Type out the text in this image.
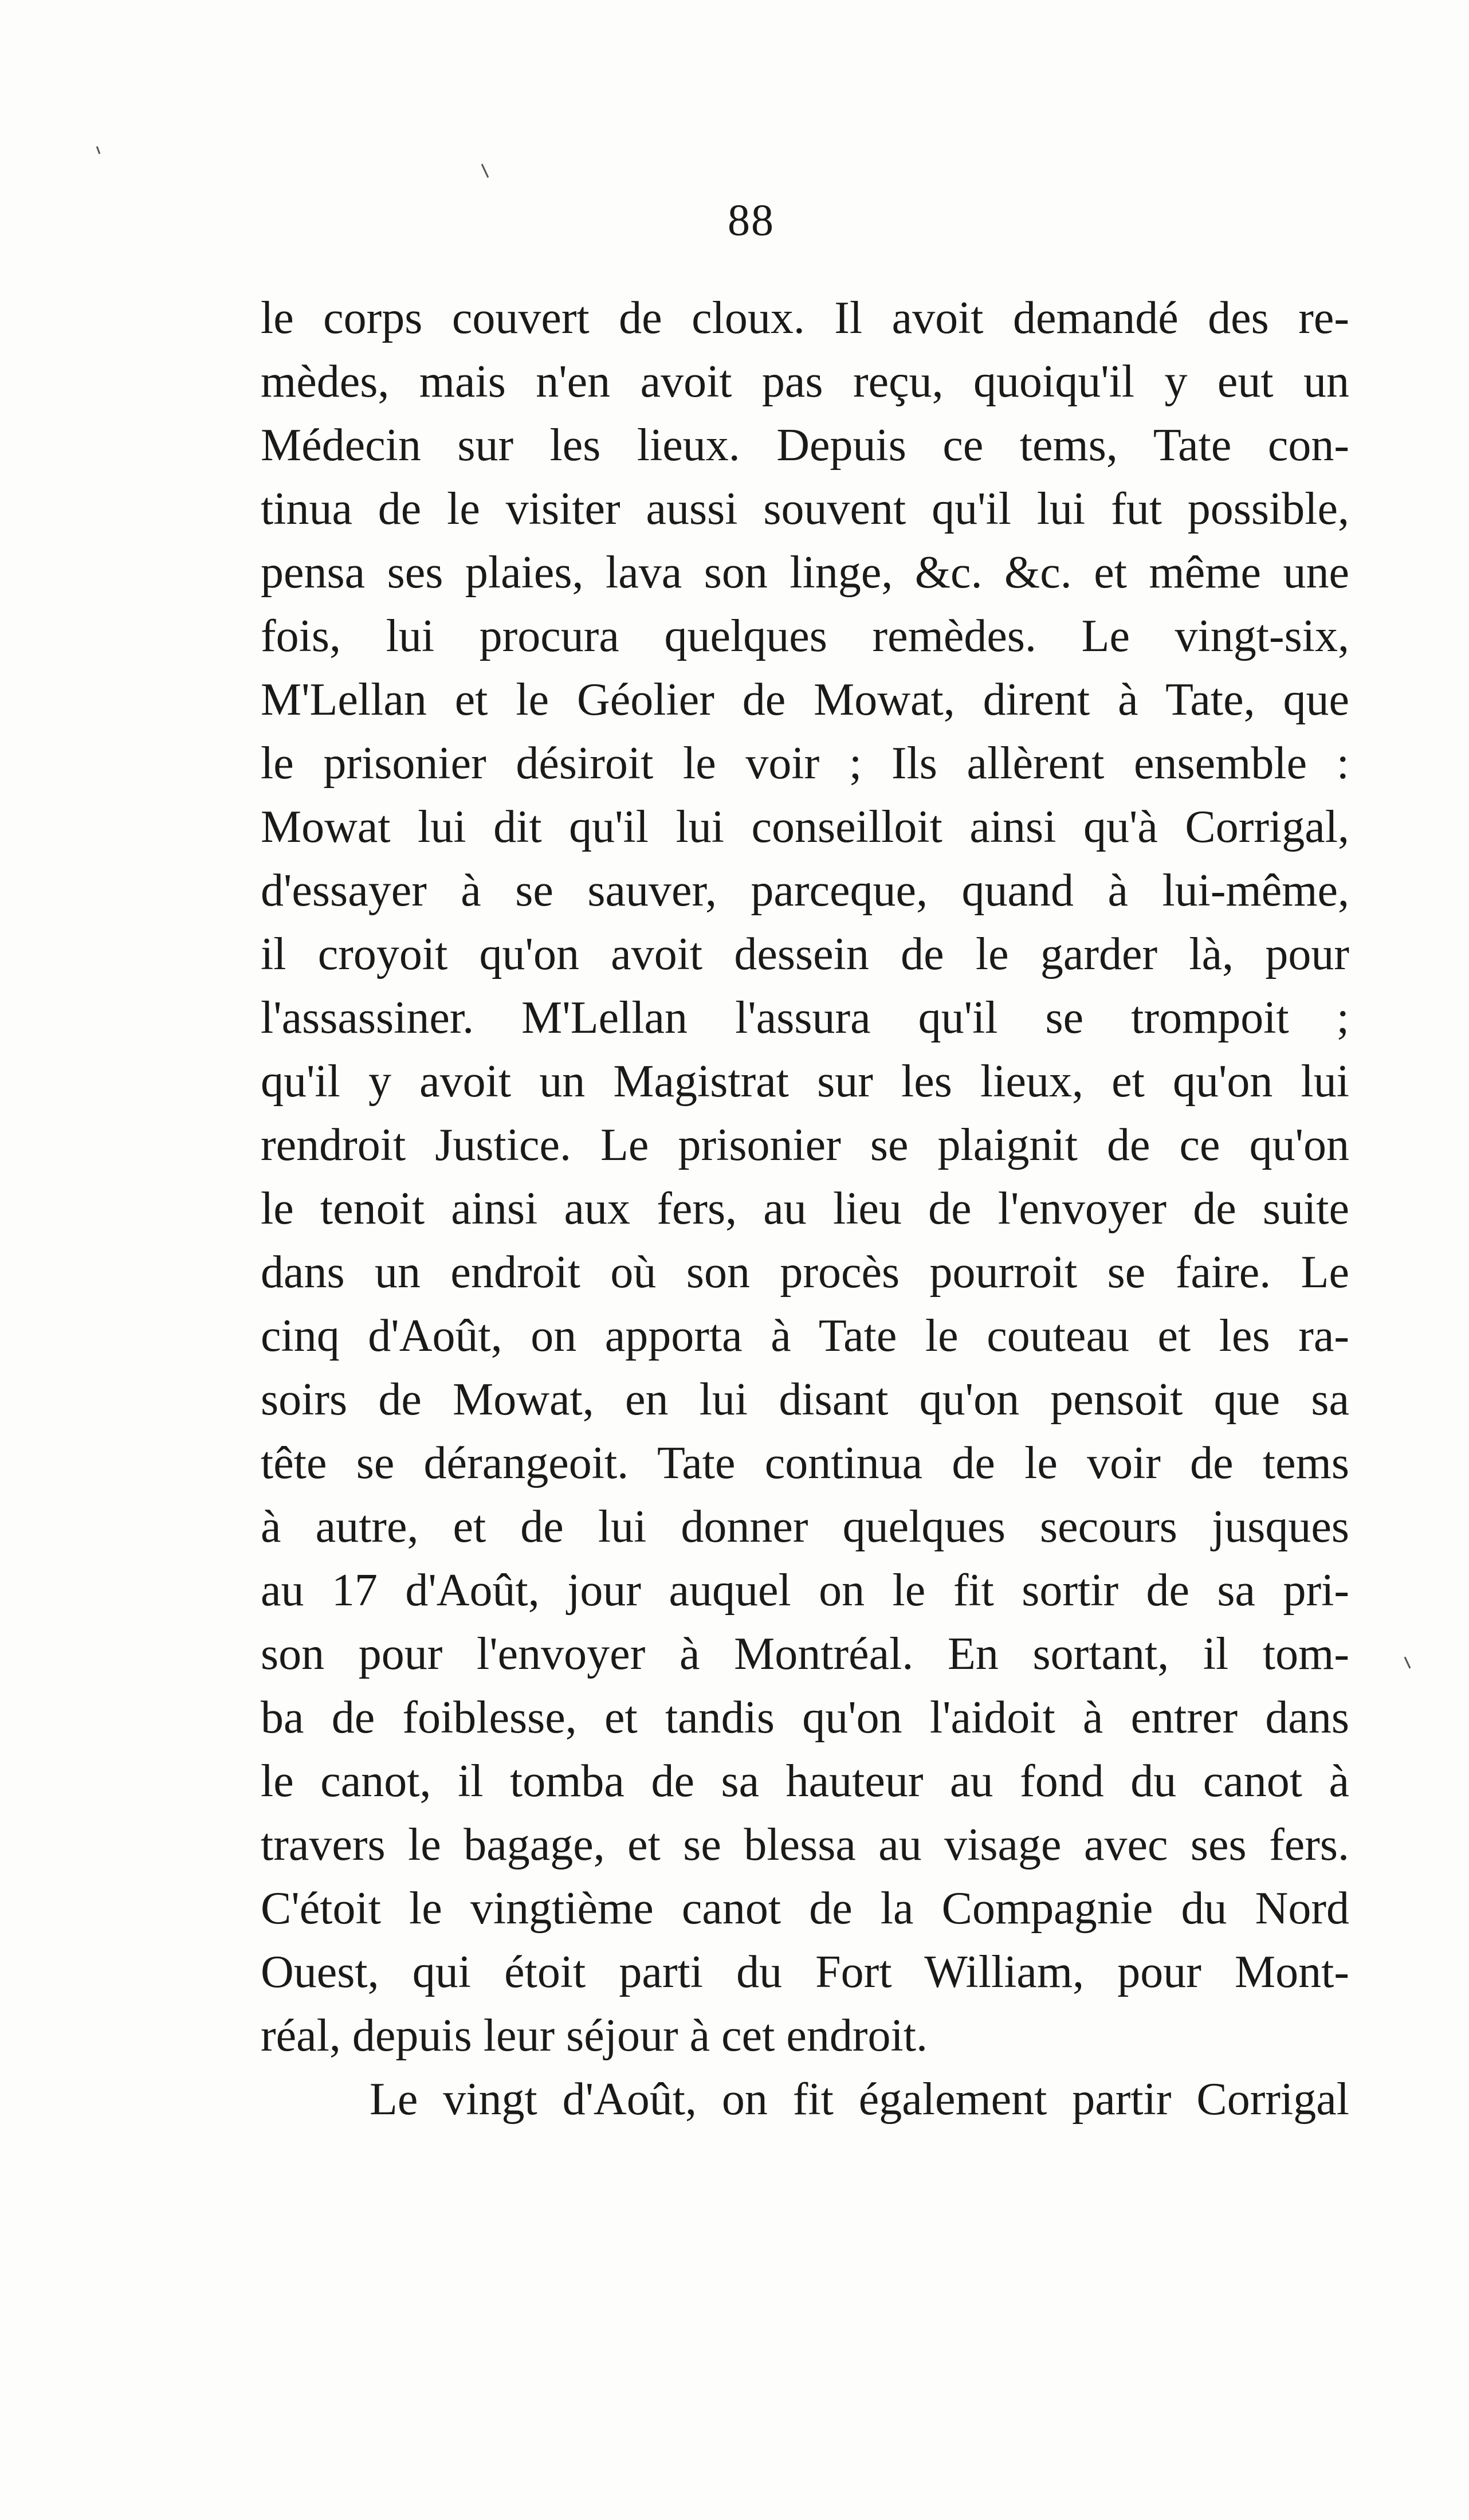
88
le corps couvert de cloux. Il avoit demandé des re-
mèdes, mais n'en avoit pas reçu, quoiqu'il y eut un
Médecin sur les lieux. Depuis ce tems, Tate con-
tinua de le visiter aussi souvent qu'il lui fut possible,
pensa ses plaies, lava son linge, &c. &c. et même une
fois, lui procura quelques remèdes. Le vingt-six,
M'Lellan et le Géolier de Mowat, dirent à Tate, que
le prisonier désiroit le voir ; Ils allèrent ensemble :
Mowat lui dit qu'il lui conseilloit ainsi qu'à Corrigal,
d'essayer à se sauver, parceque, quand à lui-même,
il croyoit qu'on avoit dessein de le garder là, pour
l'assassiner. M'Lellan l'assura qu'il se trompoit ;
qu'il y avoit un Magistrat sur les lieux, et qu'on lui
rendroit Justice. Le prisonier se plaignit de ce qu'on
le tenoit ainsi aux fers, au lieu de l'envoyer de suite
dans un endroit où son procès pourroit se faire. Le
cinq d'Août, on apporta à Tate le couteau et les ra-
soirs de Mowat, en lui disant qu'on pensoit que sa
tête se dérangeoit. Tate continua de le voir de tems
à autre, et de lui donner quelques secours jusques
au 17 d'Août, jour auquel on le fit sortir de sa pri-
son pour l'envoyer à Montréal. En sortant, il tom-
ba de foiblesse, et tandis qu'on l'aidoit à entrer dans
le canot, il tomba de sa hauteur au fond du canot à
travers le bagage, et se blessa au visage avec ses fers.
C'étoit le vingtième canot de la Compagnie du Nord
Ouest, qui étoit parti du Fort William, pour Mont-
réal, depuis leur séjour à cet endroit.
Le vingt d'Août, on fit également partir Corrigal
